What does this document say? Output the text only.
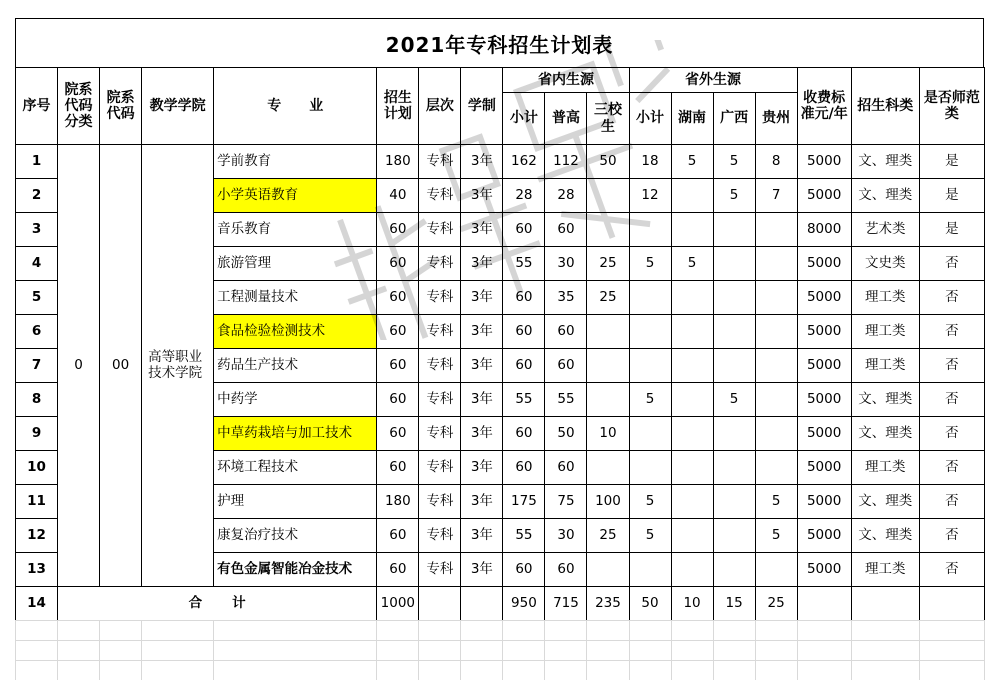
2021年专科招生计划表
序号	院系代码分类	院系代码	教学学院	专　　业	招生计划	层次	学制	省内生源			省外生源				收费标准元/年	招生科类	是否师范类
								小计	普高	三校生	小计	湖南	广西	贵州			
1	0	00	高等职业技术学院	学前教育	180	专科	3年	162	112	50	18	5	5	8	5000	文、理类	是
2				小学英语教育	40	专科	3年	28	28		12		5	7	5000	文、理类	是
3				音乐教育	60	专科	3年	60	60						8000	艺术类	是
4				旅游管理	60	专科	3年	55	30	25	5	5			5000	文史类	否
5				工程测量技术	60	专科	3年	60	35	25					5000	理工类	否
6				食品检验检测技术	60	专科	3年	60	60						5000	理工类	否
7				药品生产技术	60	专科	3年	60	60						5000	理工类	否
8				中药学	60	专科	3年	55	55		5		5		5000	文、理类	否
9				中草药栽培与加工技术	60	专科	3年	60	50	10					5000	文、理类	否
10				环境工程技术	60	专科	3年	60	60						5000	理工类	否
11				护理	180	专科	3年	175	75	100	5			5	5000	文、理类	否
12				康复治疗技术	60	专科	3年	55	30	25	5			5	5000	文、理类	否
13				有色金属智能冶金技术	60	专科	3年	60	60						5000	理工类	否
14	合计				1000			950	715	235	50	10	15	25			
